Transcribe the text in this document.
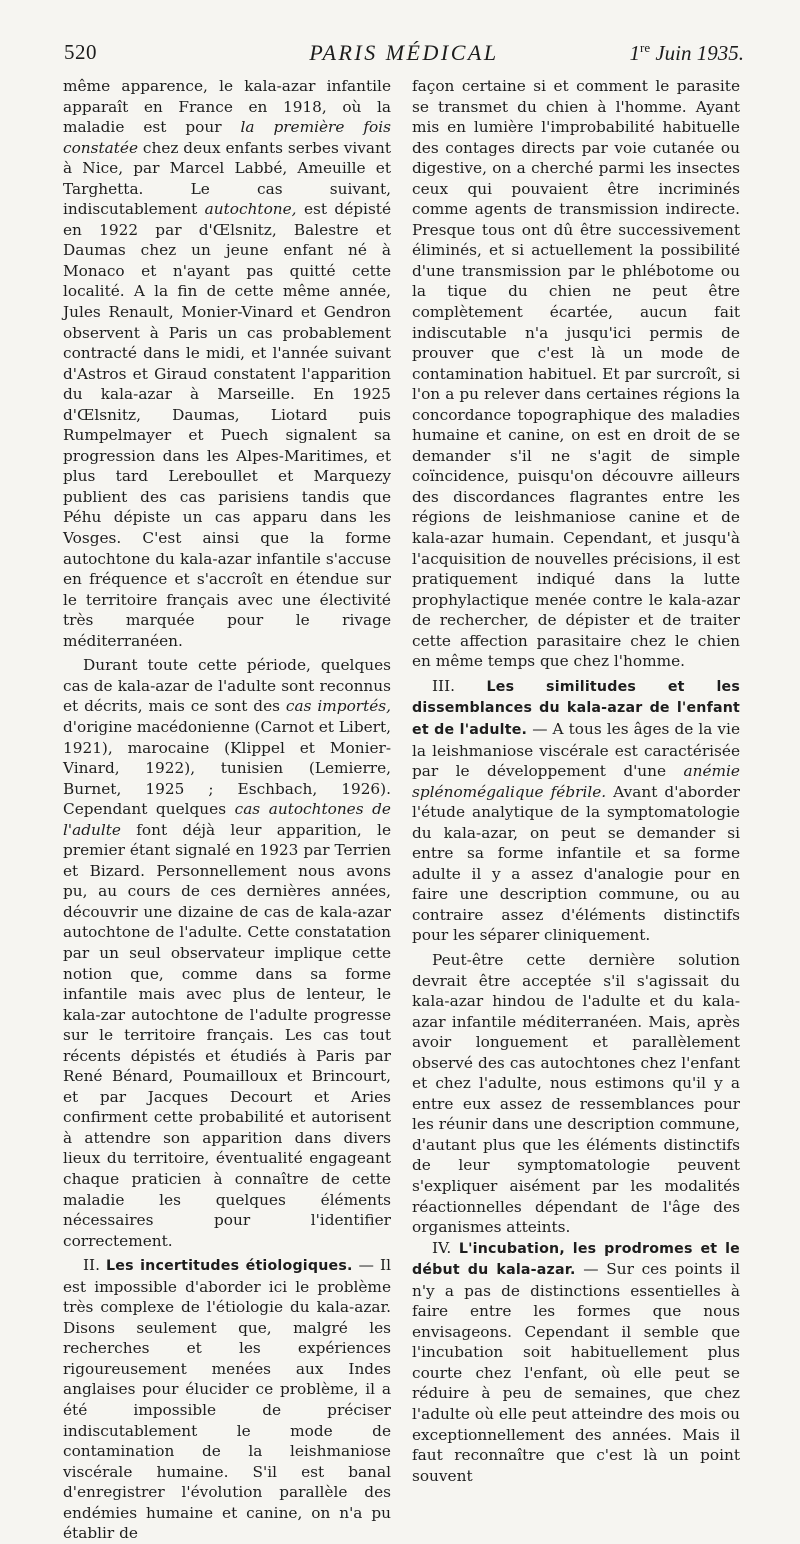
520	PARIS MÉDICAL	1re Juin 1935.

même apparence, le kala-azar infantile apparaît en France en 1918, où la maladie est pour la première fois constatée chez deux enfants serbes vivant à Nice, par Marcel Labbé, Ameuille et Targhetta. Le cas suivant, indiscutablement autochtone, est dépisté en 1922 par d'Œlsnitz, Balestre et Daumas chez un jeune enfant né à Monaco et n'ayant pas quitté cette localité. A la fin de cette même année, Jules Renault, Monier-Vinard et Gendron observent à Paris un cas probablement contracté dans le midi, et l'année suivant d'Astros et Giraud constatent l'apparition du kala-azar à Marseille. En 1925 d'Œlsnitz, Daumas, Liotard puis Rumpelmayer et Puech signalent sa progression dans les Alpes-Maritimes, et plus tard Lereboullet et Marquezy publient des cas parisiens tandis que Péhu dépiste un cas apparu dans les Vosges. C'est ainsi que la forme autochtone du kala-azar infantile s'accuse en fréquence et s'accroît en étendue sur le territoire français avec une électivité très marquée pour le rivage méditerranéen.

Durant toute cette période, quelques cas de kala-azar de l'adulte sont reconnus et décrits, mais ce sont des cas importés, d'origine macédonienne (Carnot et Libert, 1921), marocaine (Klippel et Monier-Vinard, 1922), tunisien (Lemierre, Burnet, 1925 ; Eschbach, 1926). Cependant quelques cas autochtones de l'adulte font déjà leur apparition, le premier étant signalé en 1923 par Terrien et Bizard. Personnellement nous avons pu, au cours de ces dernières années, découvrir une dizaine de cas de kala-azar autochtone de l'adulte. Cette constatation par un seul observateur implique cette notion que, comme dans sa forme infantile mais avec plus de lenteur, le kala-zar autochtone de l'adulte progresse sur le territoire français. Les cas tout récents dépistés et étudiés à Paris par René Bénard, Poumailloux et Brincourt, et par Jacques Decourt et Aries confirment cette probabilité et autorisent à attendre son apparition dans divers lieux du territoire, éventualité engageant chaque praticien à connaître de cette maladie les quelques éléments nécessaires pour l'identifier correctement.

II. Les incertitudes étiologiques. — Il est impossible d'aborder ici le problème très complexe de l'étiologie du kala-azar. Disons seulement que, malgré les recherches et les expériences rigoureusement menées aux Indes anglaises pour élucider ce problème, il a été impossible de préciser indiscutablement le mode de contamination de la leishmaniose viscérale humaine. S'il est banal d'enregistrer l'évolution parallèle des endémies humaine et canine, on n'a pu établir de

façon certaine si et comment le parasite se transmet du chien à l'homme. Ayant mis en lumière l'improbabilité habituelle des contages directs par voie cutanée ou digestive, on a cherché parmi les insectes ceux qui pouvaient être incriminés comme agents de transmission indirecte. Presque tous ont dû être successivement éliminés, et si actuellement la possibilité d'une transmission par le phlébotome ou la tique du chien ne peut être complètement écartée, aucun fait indiscutable n'a jusqu'ici permis de prouver que c'est là un mode de contamination habituel. Et par surcroît, si l'on a pu relever dans certaines régions la concordance topographique des maladies humaine et canine, on est en droit de se demander s'il ne s'agit de simple coïncidence, puisqu'on découvre ailleurs des discordances flagrantes entre les régions de leishmaniose canine et de kala-azar humain. Cependant, et jusqu'à l'acquisition de nouvelles précisions, il est pratiquement indiqué dans la lutte prophylactique menée contre le kala-azar de rechercher, de dépister et de traiter cette affection parasitaire chez le chien en même temps que chez l'homme.

III. Les similitudes et les dissemblances du kala-azar de l'enfant et de l'adulte. — A tous les âges de la vie la leishmaniose viscérale est caractérisée par le développement d'une anémie splénomégalique fébrile. Avant d'aborder l'étude analytique de la symptomatologie du kala-azar, on peut se demander si entre sa forme infantile et sa forme adulte il y a assez d'analogie pour en faire une description commune, ou au contraire assez d'éléments distinctifs pour les séparer cliniquement.

Peut-être cette dernière solution devrait être acceptée s'il s'agissait du kala-azar hindou de l'adulte et du kala-azar infantile méditerranéen. Mais, après avoir longuement et parallèlement observé des cas autochtones chez l'enfant et chez l'adulte, nous estimons qu'il y a entre eux assez de ressemblances pour les réunir dans une description commune, d'autant plus que les éléments distinctifs de leur symptomatologie peuvent s'expliquer aisément par les modalités réactionnelles dépendant de l'âge des organismes atteints.

IV. L'incubation, les prodromes et le début du kala-azar. — Sur ces points il n'y a pas de distinctions essentielles à faire entre les formes que nous envisageons. Cependant il semble que l'incubation soit habituellement plus courte chez l'enfant, où elle peut se réduire à peu de semaines, que chez l'adulte où elle peut atteindre des mois ou exceptionnellement des années. Mais il faut reconnaître que c'est là un point souvent
